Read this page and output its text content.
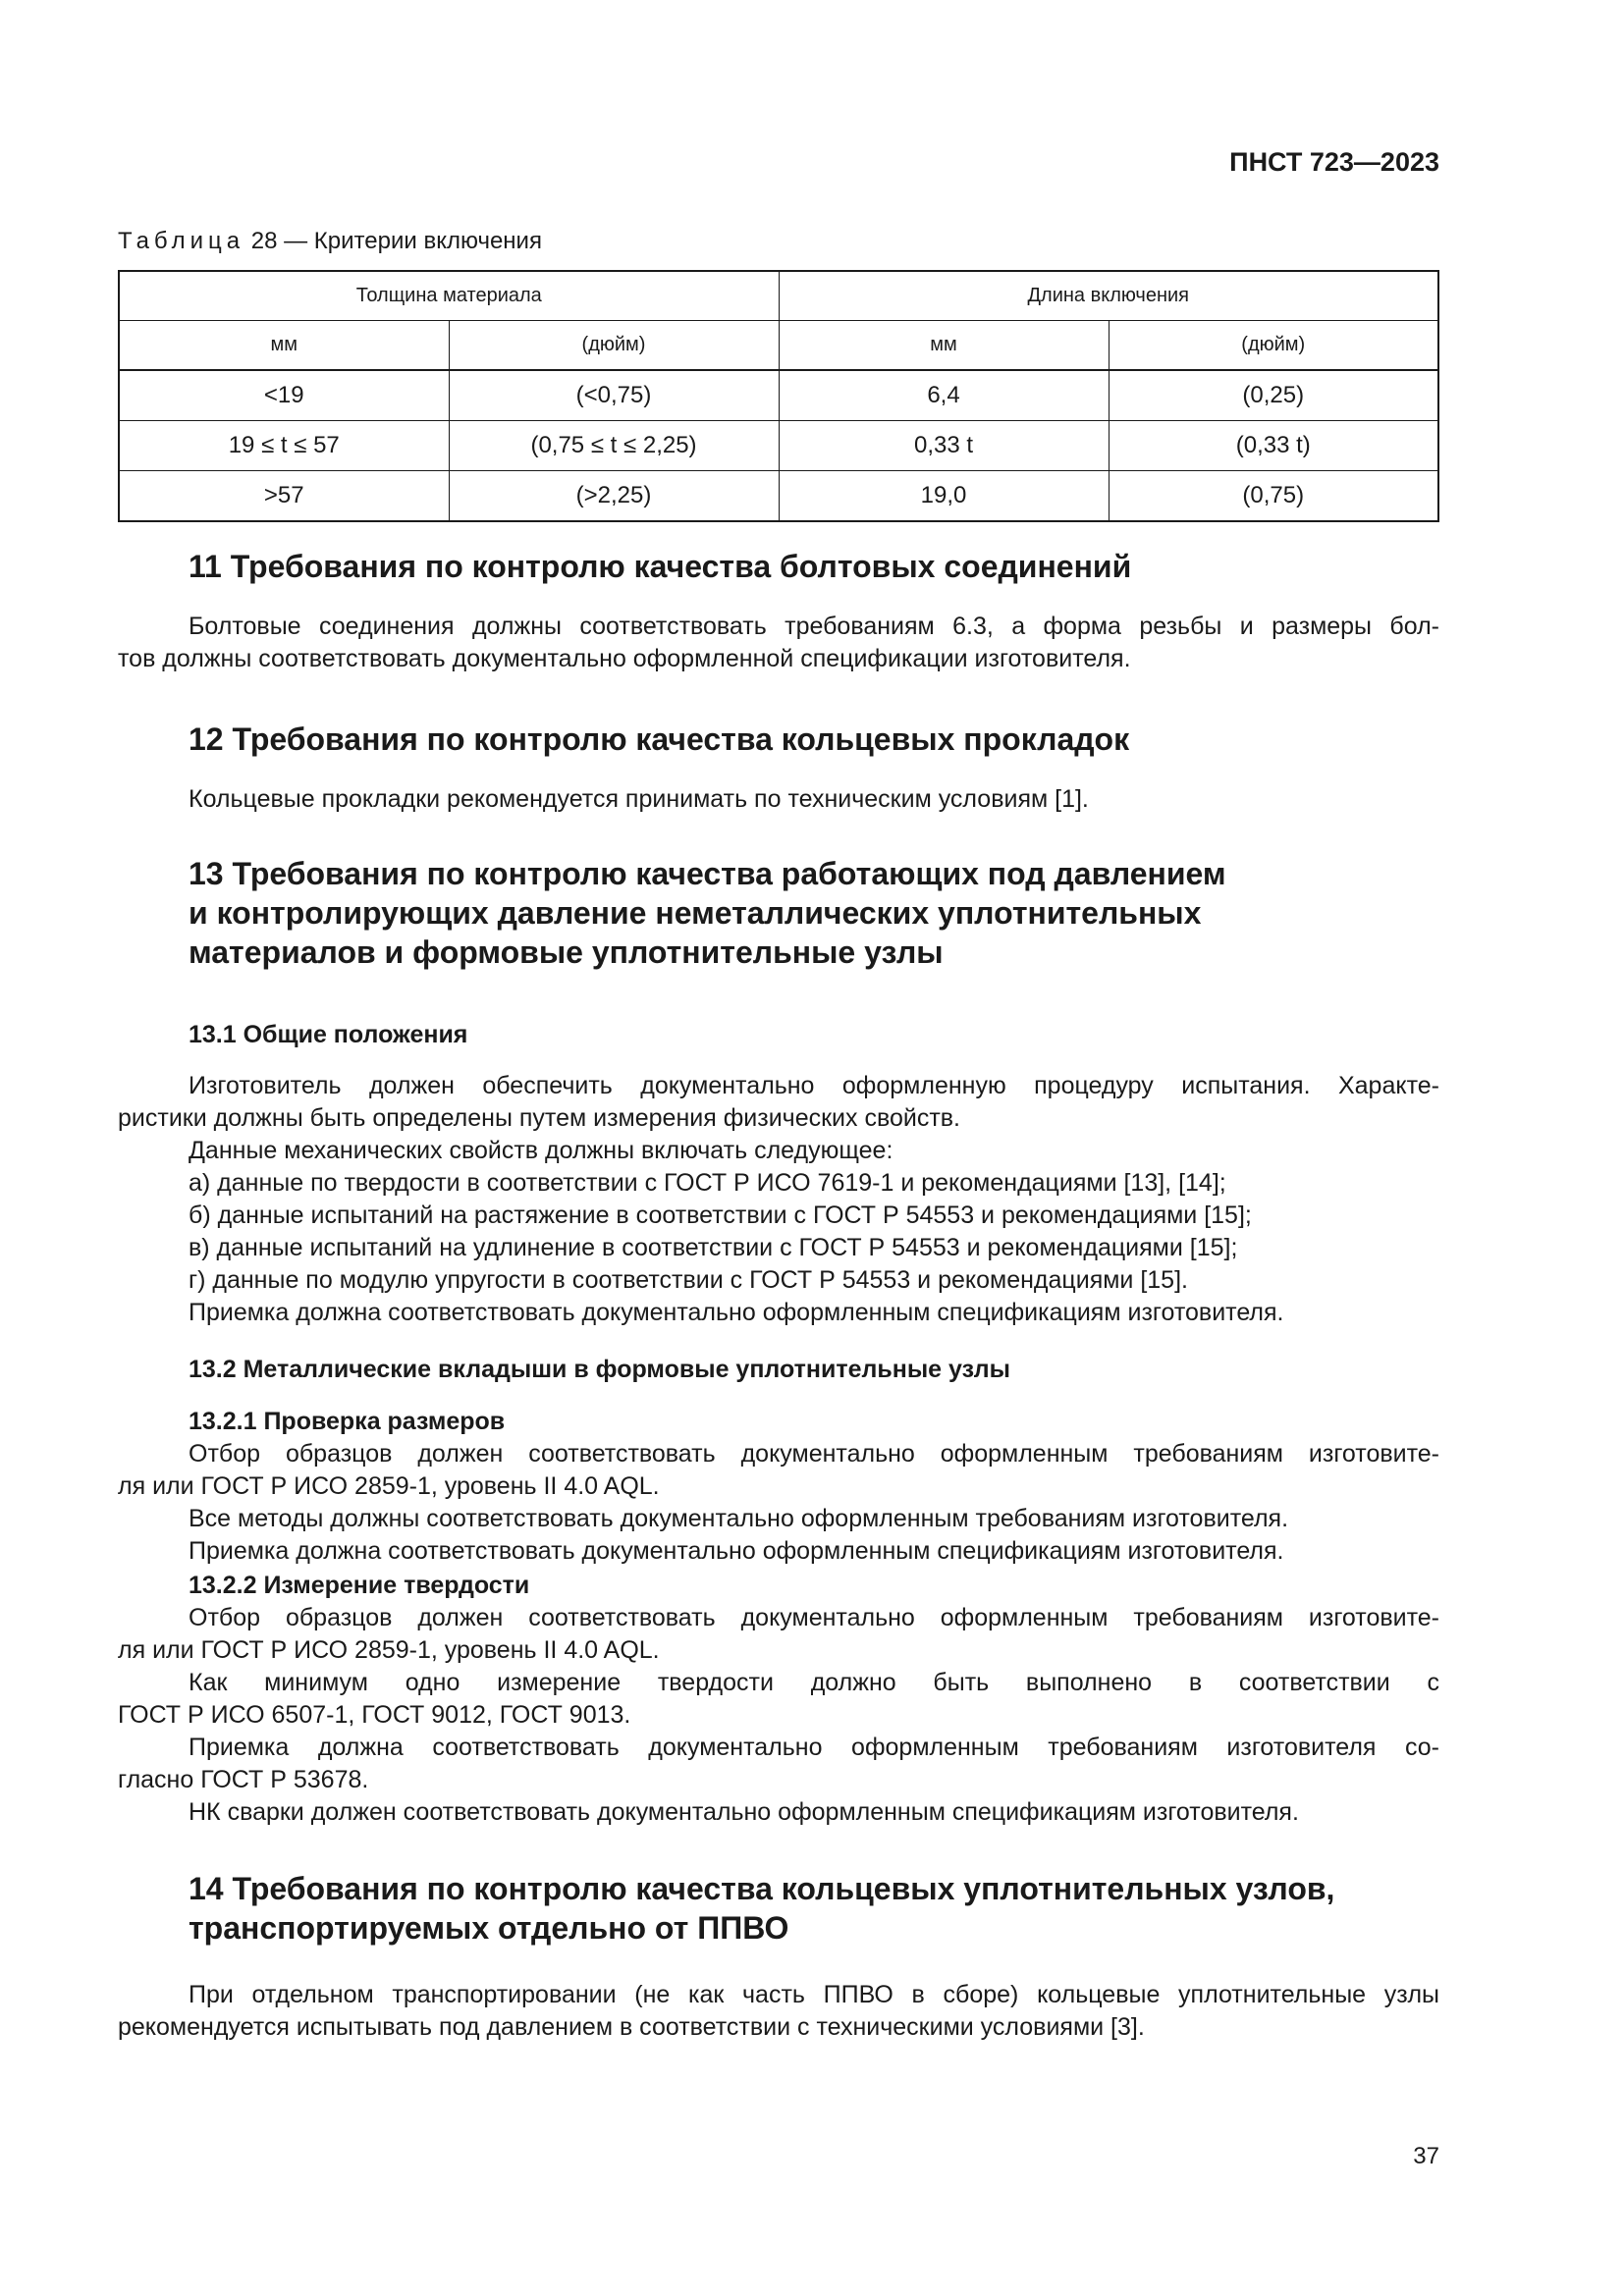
ПНСТ 723—2023
Таблица 28 — Критерии включения
Толщина материала		Длина включения	
мм	(дюйм)	мм	(дюйм)
<19	(<0,75)	6,4	(0,25)
19 ≤ t ≤ 57	(0,75 ≤ t ≤ 2,25)	0,33 t	(0,33 t)
>57	(>2,25)	19,0	(0,75)
11 Требования по контролю качества болтовых соединений

Болтовые соединения должны соответствовать требованиям 6.3, а форма резьбы и размеры бол-

тов должны соответствовать документально оформленной спецификации изготовителя.

12 Требования по контролю качества кольцевых прокладок

Кольцевые прокладки рекомендуется принимать по техническим условиям [1].

13 Требования по контролю качества работающих под давлением
и контролирующих давление неметаллических уплотнительных
материалов и формовые уплотнительные узлы
13.1 Общие положения

Изготовитель должен обеспечить документально оформленную процедуру испытания. Характе-

ристики должны быть определены путем измерения физических свойств.

Данные механических свойств должны включать следующее:

а) данные по твердости в соответствии с ГОСТ Р ИСО 7619-1 и рекомендациями [13], [14];

б) данные испытаний на растяжение в соответствии с ГОСТ Р 54553 и рекомендациями [15];

в) данные испытаний на удлинение в соответствии с ГОСТ Р 54553 и рекомендациями [15];

г) данные по модулю упругости в соответствии с ГОСТ Р 54553 и рекомендациями [15].

Приемка должна соответствовать документально оформленным спецификациям изготовителя.

13.2 Металлические вкладыши в формовые уплотнительные узлы
13.2.1 Проверка размеров

Отбор образцов должен соответствовать документально оформленным требованиям изготовите-

ля или ГОСТ Р ИСО 2859-1, уровень II 4.0 AQL.

Все методы должны соответствовать документально оформленным требованиям изготовителя.

Приемка должна соответствовать документально оформленным спецификациям изготовителя.

13.2.2 Измерение твердости

Отбор образцов должен соответствовать документально оформленным требованиям изготовите-

ля или ГОСТ Р ИСО 2859-1, уровень II 4.0 AQL.

Как минимум одно измерение твердости должно быть выполнено в соответствии с

ГОСТ Р ИСО 6507-1, ГОСТ 9012, ГОСТ 9013.

Приемка должна соответствовать документально оформленным требованиям изготовителя со-

гласно ГОСТ Р 53678.

НК сварки должен соответствовать документально оформленным спецификациям изготовителя.

14 Требования по контролю качества кольцевых уплотнительных узлов,
транспортируемых отдельно от ППВО

При отдельном транспортировании (не как часть ППВО в сборе) кольцевые уплотнительные узлы

рекомендуется испытывать под давлением в соответствии с техническими условиями [3].

37
